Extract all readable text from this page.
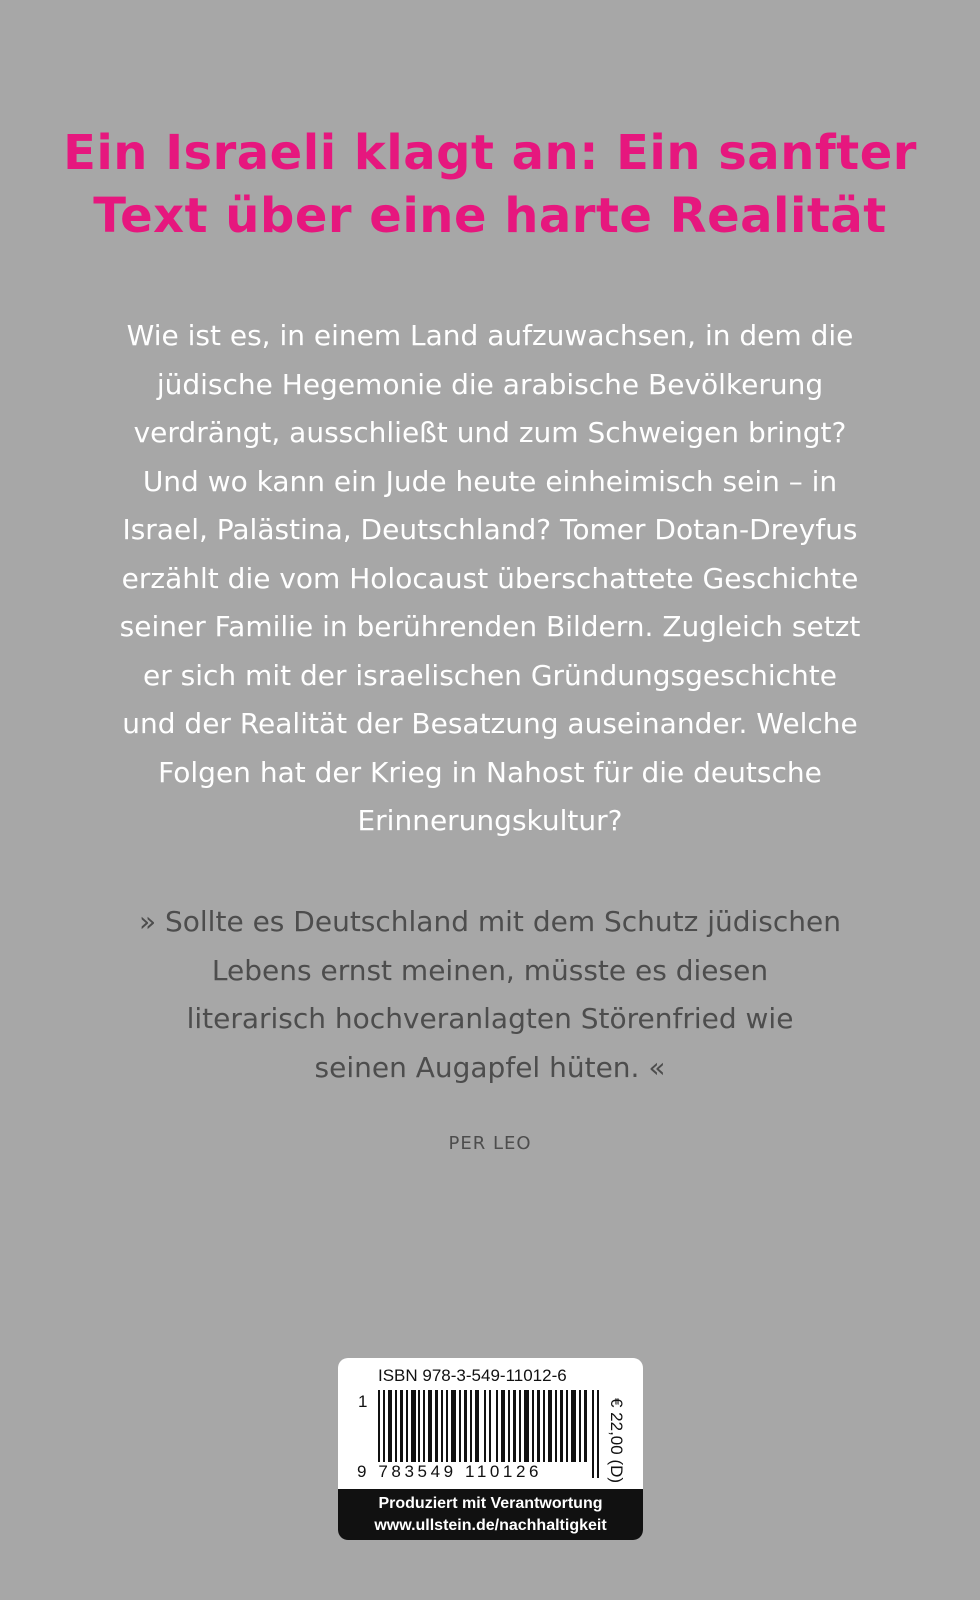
Ein Israeli klagt an: Ein sanfter
Text über eine harte Realität
Wie ist es, in einem Land aufzuwachsen, in dem die
jüdische Hegemonie die arabische Bevölkerung
verdrängt, ausschließt und zum Schweigen bringt?
Und wo kann ein Jude heute einheimisch sein – in
Israel, Palästina, Deutschland? Tomer Dotan-Dreyfus
erzählt die vom Holocaust überschattete Geschichte
seiner Familie in berührenden Bildern. Zugleich setzt
er sich mit der israelischen Gründungsgeschichte
und der Realität der Besatzung auseinander. Welche
Folgen hat der Krieg in Nahost für die deutsche
Erinnerungskultur?
» Sollte es Deutschland mit dem Schutz jüdischen
Lebens ernst meinen, müsste es diesen
literarisch hochveranlagten Störenfried wie
seinen Augapfel hüten. «
PER LEO
ISBN 978-3-549-11012-6
1
9 783549 110126	€ 22,00 (D)
Produziert mit Verantwortung
www.ullstein.de/nachhaltigkeit
